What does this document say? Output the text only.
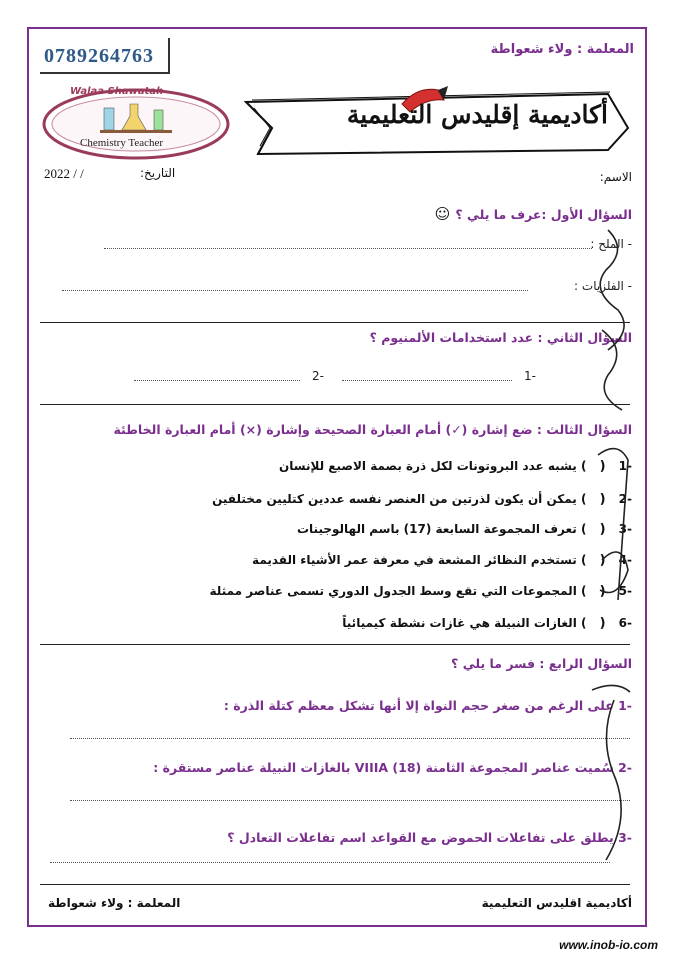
0789264763	المعلمة : ولاء شعواطة
Walaa Shawatah
Chemistry Teacher
أكاديمية إقليدس التعليمية
الاسم:
التاريخ:
2022 / /
السؤال الأول :عرف ما يلي ؟ ☺
- الملح :
- الفلزيات :
السؤال الثاني : عدد استخدامات الألمنيوم ؟
-1
-2
السؤال الثالث : ضع إشارة (✓) أمام العبارة الصحيحة وإشارة (×) أمام العبارة الخاطئة
-1 ( ) يشبه عدد البروتونات لكل ذرة بصمة الاصبع للإنسان
-2 ( ) يمكن أن يكون لذرتين من العنصر نفسه عددين كتليين مختلفين
-3 ( ) تعرف المجموعة السابعة (17) باسم الهالوجينات
-4 ( ) تستخدم النظائر المشعة في معرفة عمر الأشياء القديمة
-5 ( ) المجموعات التي تقع وسط الجدول الدوري تسمى عناصر ممثلة
-6 ( ) الغازات النبيلة هي غازات نشطة كيميائياً
السؤال الرابع : فسر ما يلي ؟
-1 على الرغم من صغر حجم النواة إلا أنها تشكل معظم كتلة الذرة :
-2 سُميت عناصر المجموعة الثامنة VIIIA (18) بالغازات النبيلة عناصر مستقرة :
-3 يطلق على تفاعلات الحموض مع القواعد اسم تفاعلات التعادل ؟
المعلمة : ولاء شعواطة	أكاديمية اقليدس التعليمية
www.inob-io.com
